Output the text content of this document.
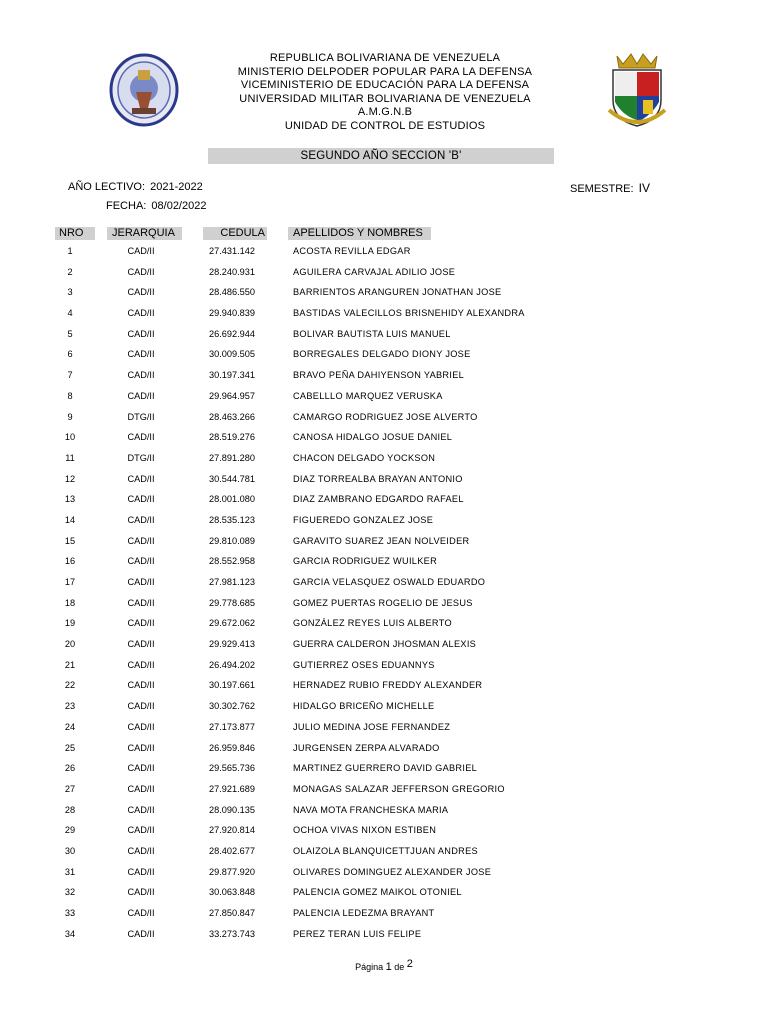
REPUBLICA BOLIVARIANA DE VENEZUELA
MINISTERIO DELPODER POPULAR PARA LA DEFENSA
VICEMINISTERIO DE EDUCACIÓN PARA LA DEFENSA
UNIVERSIDAD MILITAR BOLIVARIANA DE VENEZUELA
A.M.G.N.B
UNIDAD DE CONTROL DE ESTUDIOS
SEGUNDO AÑO SECCION 'B'
AÑO LECTIVO: 2021-2022
FECHA: 08/02/2022
SEMESTRE: IV
NRO	JERARQUIA	CEDULA	APELLIDOS Y NOMBRES
1	CAD/II	27.431.142	ACOSTA REVILLA EDGAR
2	CAD/II	28.240.931	AGUILERA CARVAJAL ADILIO JOSE
3	CAD/II	28.486.550	BARRIENTOS ARANGUREN JONATHAN JOSE
4	CAD/II	29.940.839	BASTIDAS VALECILLOS BRISNEHIDY ALEXANDRA
5	CAD/II	26.692.944	BOLIVAR BAUTISTA LUIS MANUEL
6	CAD/II	30.009.505	BORREGALES DELGADO DIONY JOSE
7	CAD/II	30.197.341	BRAVO PEÑA DAHIYENSON YABRIEL
8	CAD/II	29.964.957	CABELLLO MARQUEZ VERUSKA
9	DTG/II	28.463.266	CAMARGO RODRIGUEZ JOSE ALVERTO
10	CAD/II	28.519.276	CANOSA HIDALGO JOSUE DANIEL
11	DTG/II	27.891.280	CHACON DELGADO YOCKSON
12	CAD/II	30.544.781	DIAZ TORREALBA BRAYAN ANTONIO
13	CAD/II	28.001.080	DIAZ ZAMBRANO EDGARDO RAFAEL
14	CAD/II	28.535.123	FIGUEREDO GONZALEZ JOSE
15	CAD/II	29.810.089	GARAVITO SUAREZ JEAN NOLVEIDER
16	CAD/II	28.552.958	GARCIA RODRIGUEZ WUILKER
17	CAD/II	27.981.123	GARCIA VELASQUEZ OSWALD EDUARDO
18	CAD/II	29.778.685	GOMEZ PUERTAS ROGELIO DE JESUS
19	CAD/II	29.672.062	GONZÁLEZ REYES LUIS ALBERTO
20	CAD/II	29.929.413	GUERRA CALDERON JHOSMAN ALEXIS
21	CAD/II	26.494.202	GUTIERREZ OSES EDUANNYS
22	CAD/II	30.197.661	HERNADEZ RUBIO FREDDY ALEXANDER
23	CAD/II	30.302.762	HIDALGO BRICEÑO MICHELLE
24	CAD/II	27.173.877	JULIO MEDINA JOSE FERNANDEZ
25	CAD/II	26.959.846	JURGENSEN ZERPA ALVARADO
26	CAD/II	29.565.736	MARTINEZ GUERRERO DAVID GABRIEL
27	CAD/II	27.921.689	MONAGAS SALAZAR JEFFERSON GREGORIO
28	CAD/II	28.090.135	NAVA MOTA FRANCHESKA MARIA
29	CAD/II	27.920.814	OCHOA VIVAS NIXON ESTIBEN
30	CAD/II	28.402.677	OLAIZOLA BLANQUICETTJUAN ANDRES
31	CAD/II	29.877.920	OLIVARES DOMINGUEZ ALEXANDER JOSE
32	CAD/II	30.063.848	PALENCIA GOMEZ MAIKOL OTONIEL
33	CAD/II	27.850.847	PALENCIA LEDEZMA BRAYANT
34	CAD/II	33.273.743	PEREZ TERAN LUIS FELIPE
Página 1 de 2
